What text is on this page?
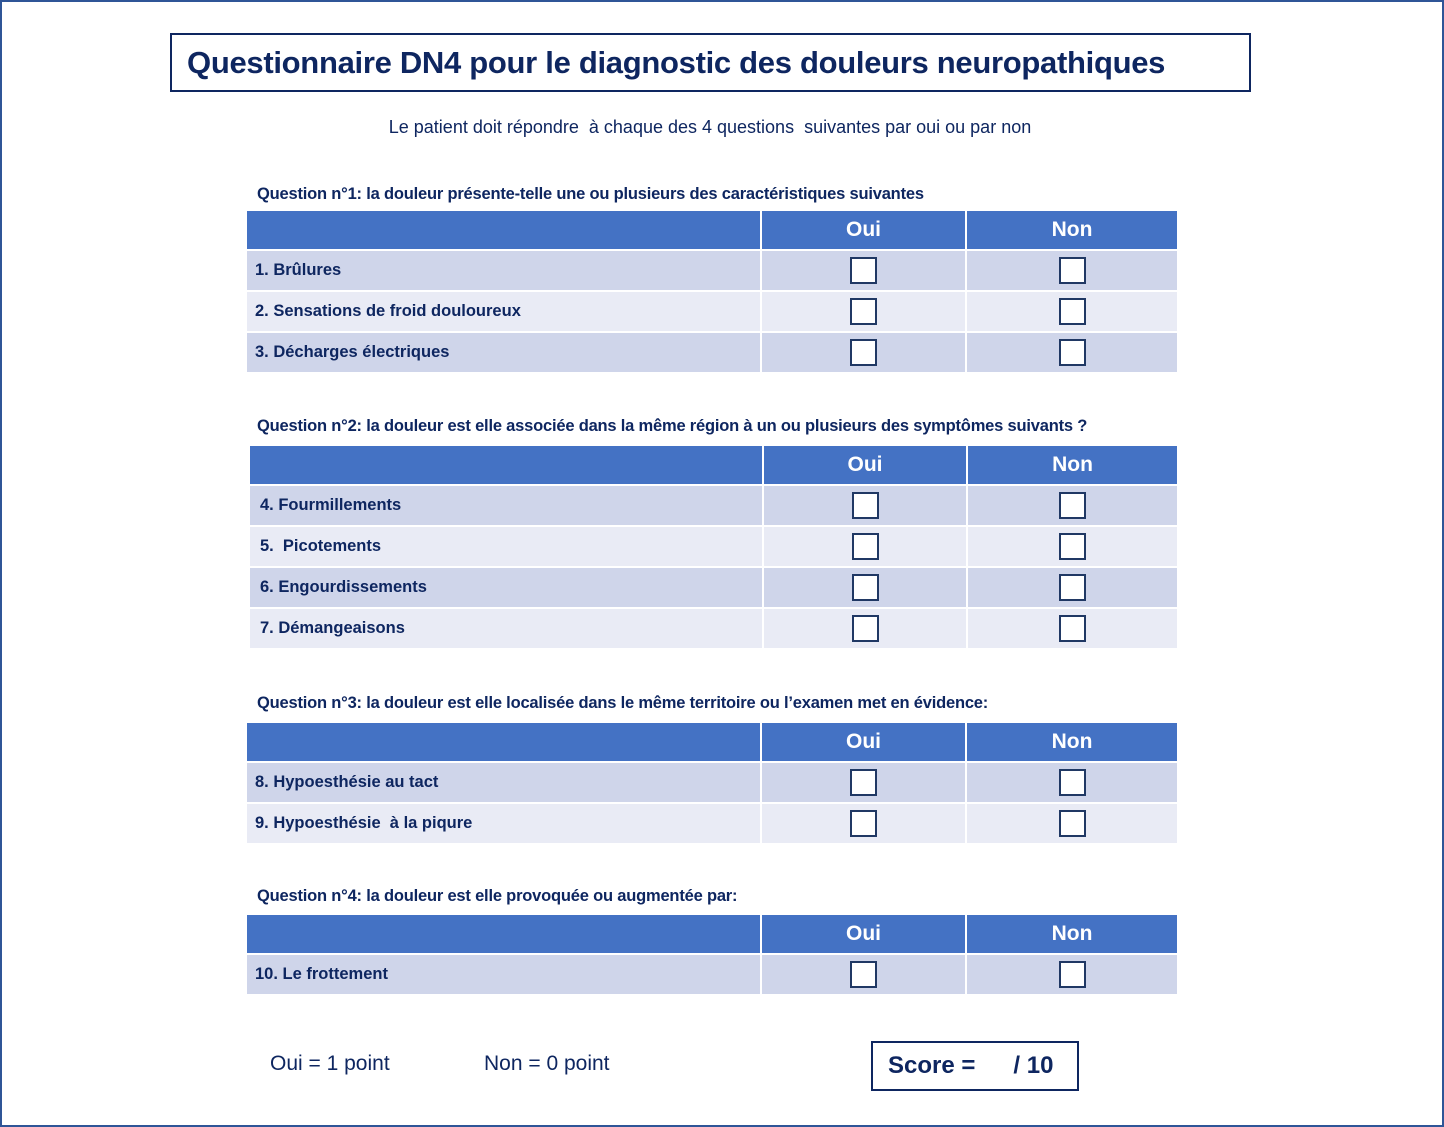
Questionnaire DN4 pour le diagnostic des douleurs neuropathiques
Le patient doit répondre  à chaque des 4 questions  suivantes par oui ou par non
Question n°1: la douleur présente-telle une ou plusieurs des caractéristiques suivantes
	Oui	Non
1. Brûlures		
2. Sensations de froid douloureux		
3. Décharges électriques		
Question n°2: la douleur est elle associée dans la même région à un ou plusieurs des symptômes suivants ?
	Oui	Non
4. Fourmillements		
5.  Picotements		
6. Engourdissements		
7. Démangeaisons		
Question n°3: la douleur est elle localisée dans le même territoire ou l’examen met en évidence:
	Oui	Non
8. Hypoesthésie au tact		
9. Hypoesthésie  à la piqure		
Question n°4: la douleur est elle provoquée ou augmentée par:
	Oui	Non
10. Le frottement		
Oui = 1 point	Non = 0 point	Score = / 10
